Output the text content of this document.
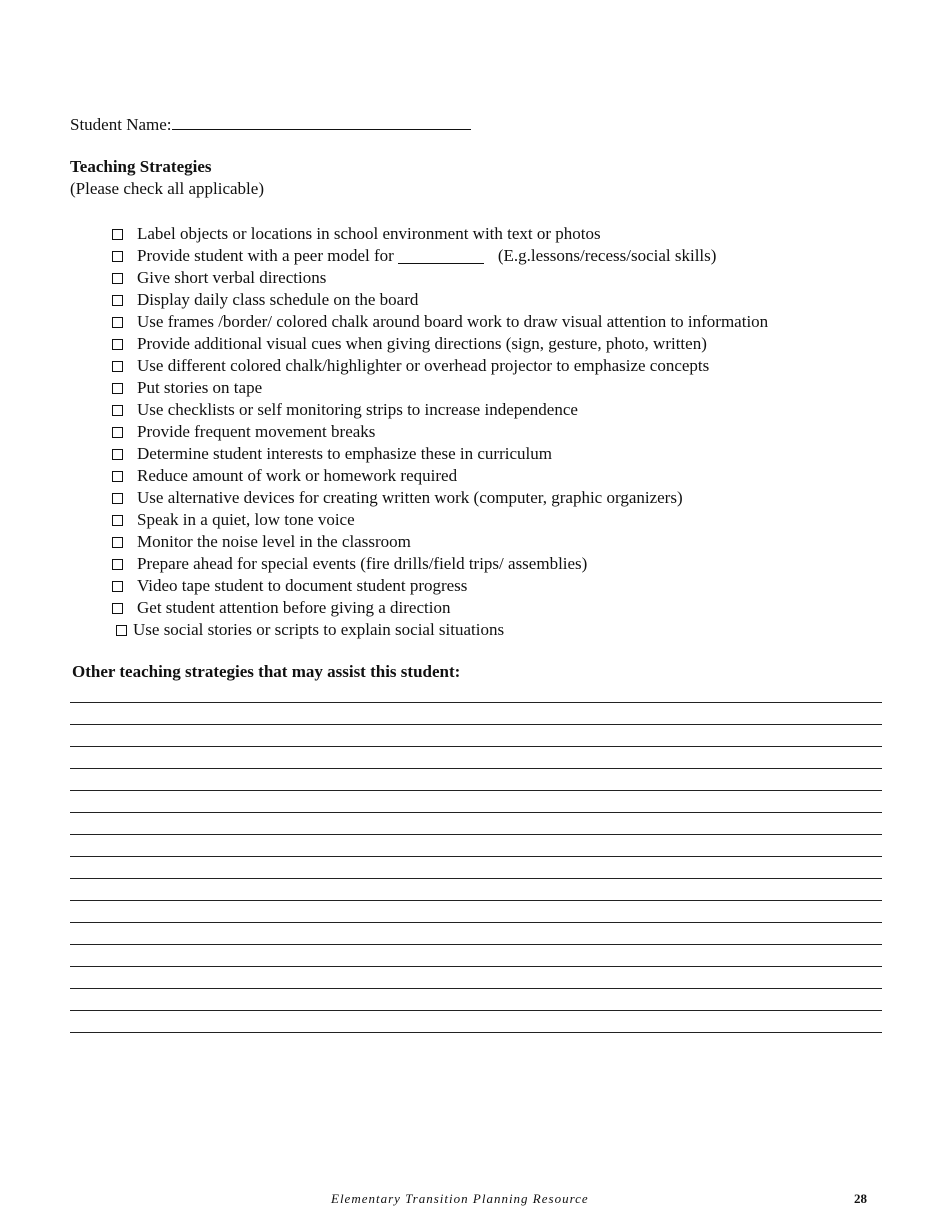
Student Name:
Teaching Strategies
(Please check all applicable)
Label objects or locations in school environment with text or photos
Provide student with a peer model for	(E.g.lessons/recess/social skills)
Give short verbal directions
Display daily class schedule on the board
Use frames /border/ colored chalk around board work to draw visual attention to information
Provide additional visual cues when giving directions (sign, gesture, photo, written)
Use different colored chalk/highlighter or overhead projector to emphasize concepts
Put stories on tape
Use checklists or self monitoring strips to increase independence
Provide frequent movement breaks
Determine student interests to emphasize these in curriculum
Reduce amount of work or homework required
Use alternative devices for creating written work (computer, graphic organizers)
Speak in a quiet, low tone voice
Monitor the noise level in the classroom
Prepare ahead for special events (fire drills/field trips/ assemblies)
Video tape student to document student progress
Get student attention before giving a direction
Use social stories or scripts to explain social situations
Other teaching strategies that may assist this student:
Elementary Transition Planning Resource	28
